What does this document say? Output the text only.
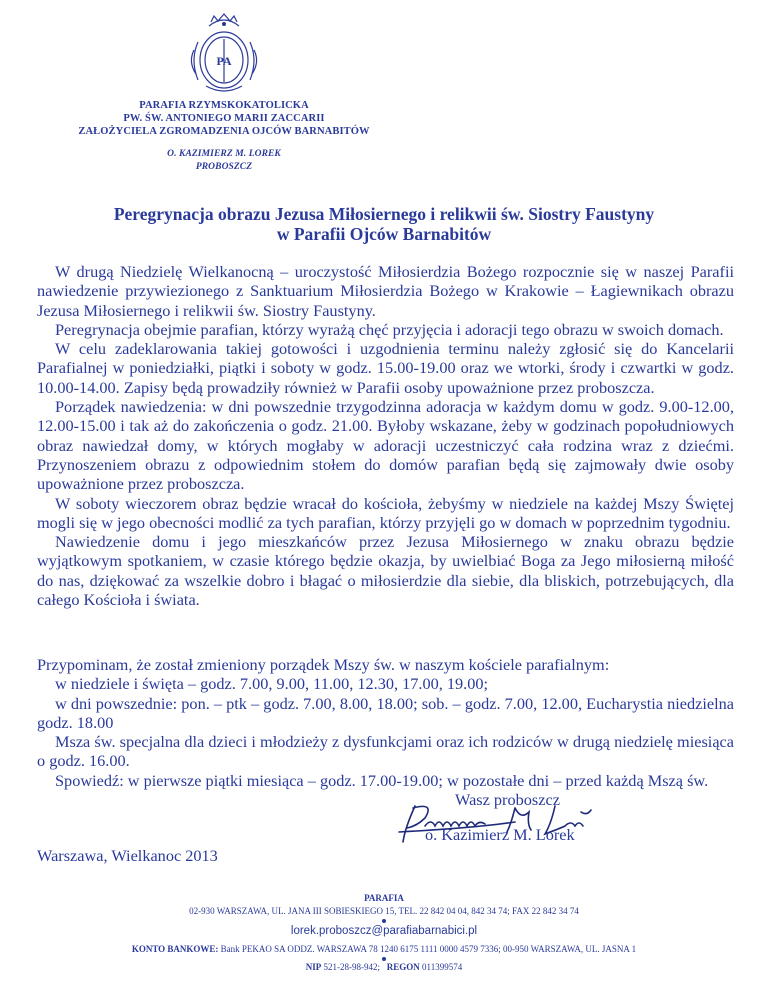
PA
PARAFIA RZYMSKOKATOLICKA
PW. ŚW. ANTONIEGO MARII ZACCARII
ZAŁOŻYCIELA ZGROMADZENIA OJCÓW BARNABITÓW
O. KAZIMIERZ M. LOREK
PROBOSZCZ
Peregrynacja obrazu Jezusa Miłosiernego i relikwii św. Siostry Faustyny
w Parafii Ojców Barnabitów

W drugą Niedzielę Wielkanocną – uroczystość Miłosierdzia Bożego rozpocznie się w naszej Parafii nawiedzenie przywiezionego z Sanktuarium Miłosierdzia Bożego w Krakowie – Łagiewnikach obrazu Jezusa Miłosiernego i relikwii św. Siostry Faustyny.

Peregrynacja obejmie parafian, którzy wyrażą chęć przyjęcia i adoracji tego obrazu w swoich domach.

W celu zadeklarowania takiej gotowości i uzgodnienia terminu należy zgłosić się do Kancelarii Parafialnej w poniedziałki, piątki i soboty w godz. 15.00-19.00 oraz we wtorki, środy i czwartki w godz. 10.00-14.00. Zapisy będą prowadziły również w Parafii osoby upoważnione przez proboszcza.

Porządek nawiedzenia: w dni powszednie trzygodzinna adoracja w każdym domu w godz. 9.00-12.00, 12.00-15.00 i tak aż do zakończenia o godz. 21.00. Byłoby wskazane, żeby w godzinach popołudniowych obraz nawiedzał domy, w których mogłaby w adoracji uczestniczyć cała rodzina wraz z dziećmi. Przynoszeniem obrazu z odpowiednim stołem do domów parafian będą się zajmowały dwie osoby upoważnione przez proboszcza.

W soboty wieczorem obraz będzie wracał do kościoła, żebyśmy w niedziele na każdej Mszy Świętej mogli się w jego obecności modlić za tych parafian, którzy przyjęli go w domach w poprzednim tygodniu.

Nawiedzenie domu i jego mieszkańców przez Jezusa Miłosiernego w znaku obrazu będzie wyjątkowym spotkaniem, w czasie którego będzie okazja, by uwielbiać Boga za Jego miłosierną miłość do nas, dziękować za wszelkie dobro i błagać o miłosierdzie dla siebie, dla bliskich, potrzebujących, dla całego Kościoła i świata.

Przypominam, że został zmieniony porządek Mszy św. w naszym kościele parafialnym:

w niedziele i święta – godz. 7.00, 9.00, 11.00, 12.30, 17.00, 19.00;

w dni powszednie: pon. – ptk – godz. 7.00, 8.00, 18.00; sob. – godz. 7.00, 12.00, Eucharystia niedzielna godz. 18.00

Msza św. specjalna dla dzieci i młodzieży z dysfunkcjami oraz ich rodziców w drugą niedzielę miesiąca o godz. 16.00.

Spowiedź: w pierwsze piątki miesiąca – godz. 17.00-19.00; w pozostałe dni – przed każdą Mszą św.

Wasz proboszcz
o. Kazimierz M. Lorek
Warszawa, Wielkanoc 2013
PARAFIA
02-930 WARSZAWA, UL. JANA III SOBIESKIEGO 15, TEL. 22 842 04 04, 842 34 74; FAX 22 842 34 74
lorek.proboszcz@parafiabarnabici.pl
KONTO BANKOWE: Bank PEKAO SA ODDZ. WARSZAWA 78 1240 6175 1111 0000 4579 7336; 00-950 WARSZAWA, UL. JASNA 1
NIP 521-28-98-942; REGON 011399574
